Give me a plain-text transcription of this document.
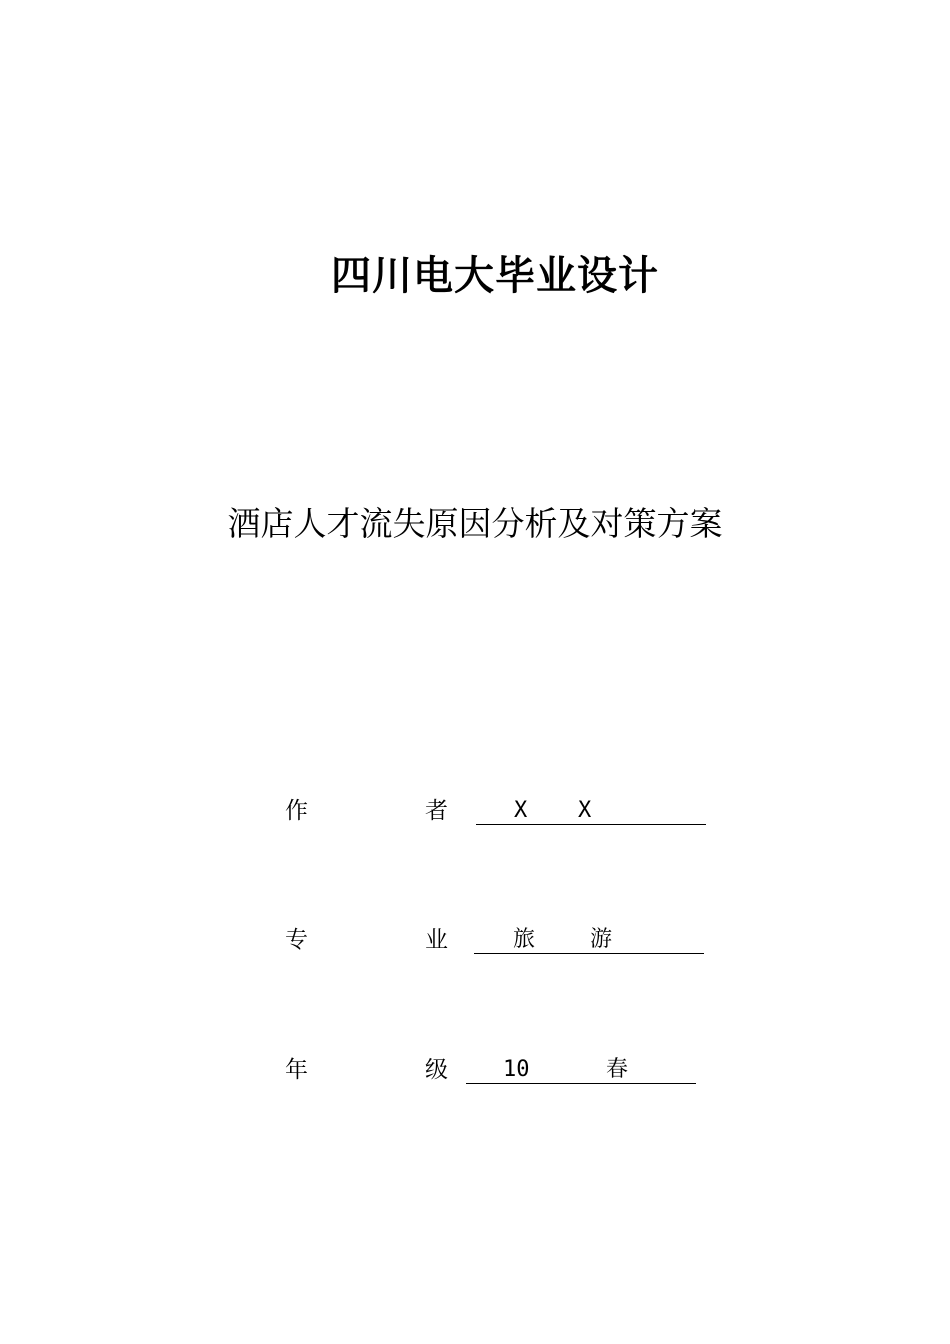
四川电大毕业设计
酒店人才流失原因分析及对策方案
作	者	X X
专	业	旅 游
年	级	10	春
